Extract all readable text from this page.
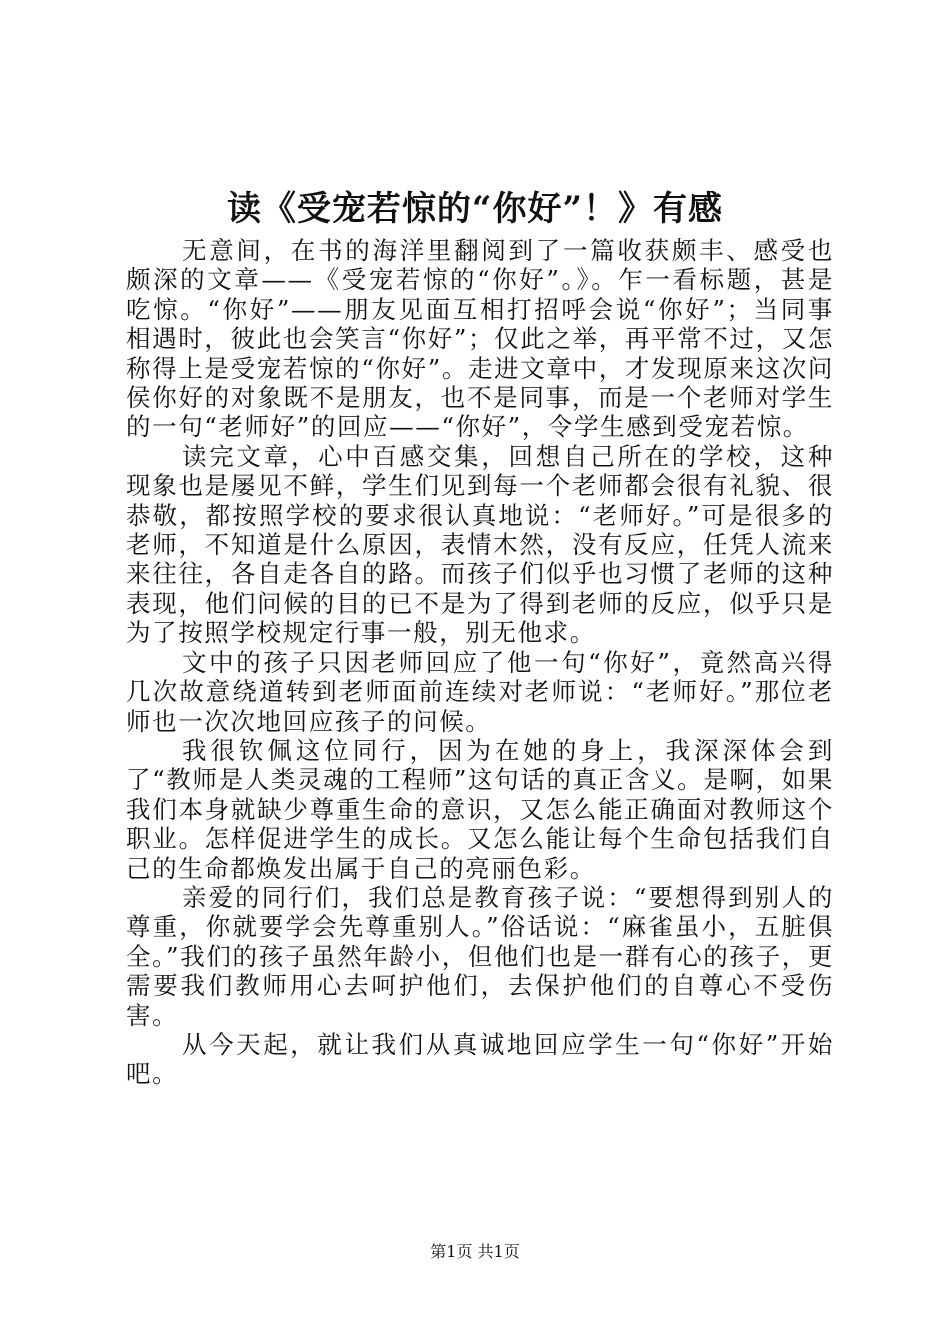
读《受宠若惊的“你好”！》有感

无意间，在书的海洋里翻阅到了一篇收获颇丰、感受也颇深的文章——《受宠若惊的“你好”。》。乍一看标题，甚是吃惊。“你好”——朋友见面互相打招呼会说“你好”；当同事相遇时，彼此也会笑言“你好”；仅此之举，再平常不过，又怎称得上是受宠若惊的“你好”。走进文章中，才发现原来这次问侯你好的对象既不是朋友，也不是同事，而是一个老师对学生的一句“老师好”的回应——“你好”，令学生感到受宠若惊。

读完文章，心中百感交集，回想自己所在的学校，这种现象也是屡见不鲜，学生们见到每一个老师都会很有礼貌、很恭敬，都按照学校的要求很认真地说：“老师好。”可是很多的老师，不知道是什么原因，表情木然，没有反应，任凭人流来来往往，各自走各自的路。而孩子们似乎也习惯了老师的这种表现，他们问候的目的已不是为了得到老师的反应，似乎只是为了按照学校规定行事一般，别无他求。

文中的孩子只因老师回应了他一句“你好”，竟然高兴得几次故意绕道转到老师面前连续对老师说：“老师好。”那位老师也一次次地回应孩子的问候。

我很钦佩这位同行，因为在她的身上，我深深体会到了“教师是人类灵魂的工程师”这句话的真正含义。是啊，如果我们本身就缺少尊重生命的意识，又怎么能正确面对教师这个职业。怎样促进学生的成长。又怎么能让每个生命包括我们自己的生命都焕发出属于自己的亮丽色彩。

亲爱的同行们，我们总是教育孩子说：“要想得到别人的尊重，你就要学会先尊重别人。”俗话说：“麻雀虽小，五脏俱全。”我们的孩子虽然年龄小，但他们也是一群有心的孩子，更需要我们教师用心去呵护他们，去保护他们的自尊心不受伤害。

从今天起，就让我们从真诚地回应学生一句“你好”开始吧。

第1页 共1页
